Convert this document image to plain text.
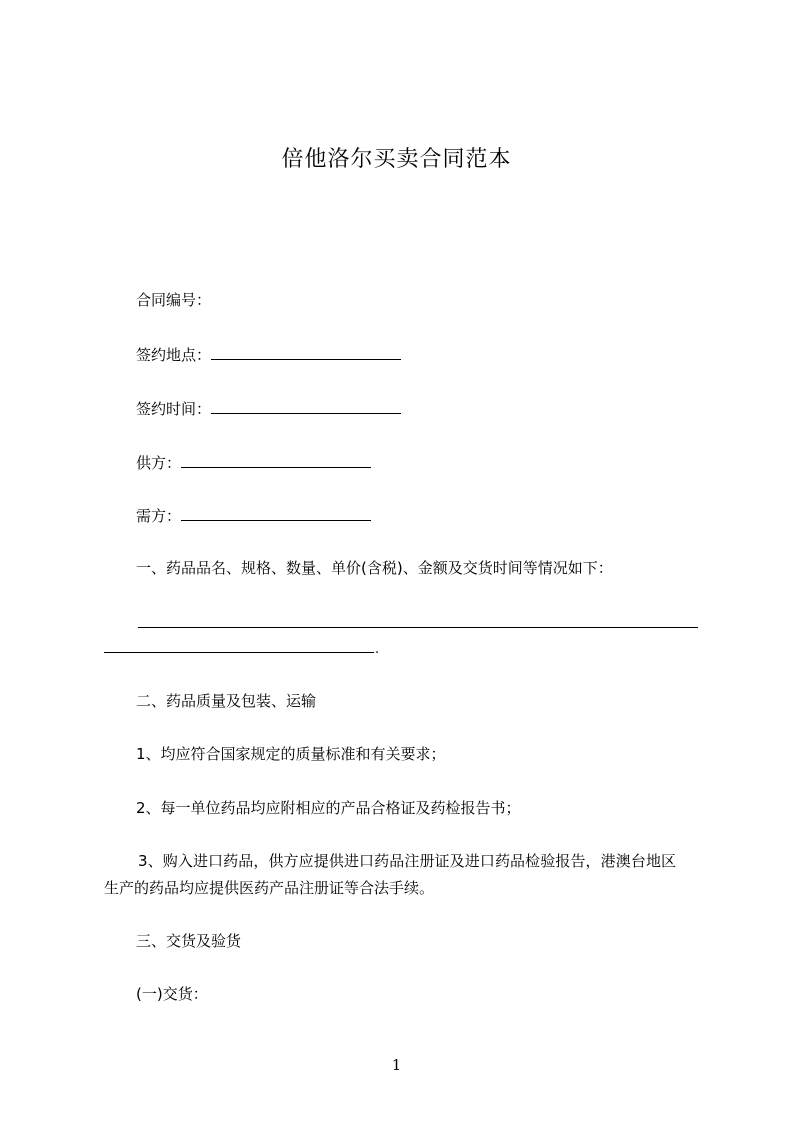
倍他洛尔买卖合同范本
合同编号：
签约地点：
签约时间：
供方：
需方：
一、药品品名、规格、数量、单价(含税)、金额及交货时间等情况如下：
.
二、药品质量及包装、运输
1、均应符合国家规定的质量标准和有关要求；
2、每一单位药品均应附相应的产品合格证及药检报告书；
3、购入进口药品，供方应提供进口药品注册证及进口药品检验报告，港澳台地区
生产的药品均应提供医药产品注册证等合法手续。
三、交货及验货
(一)交货：
1
